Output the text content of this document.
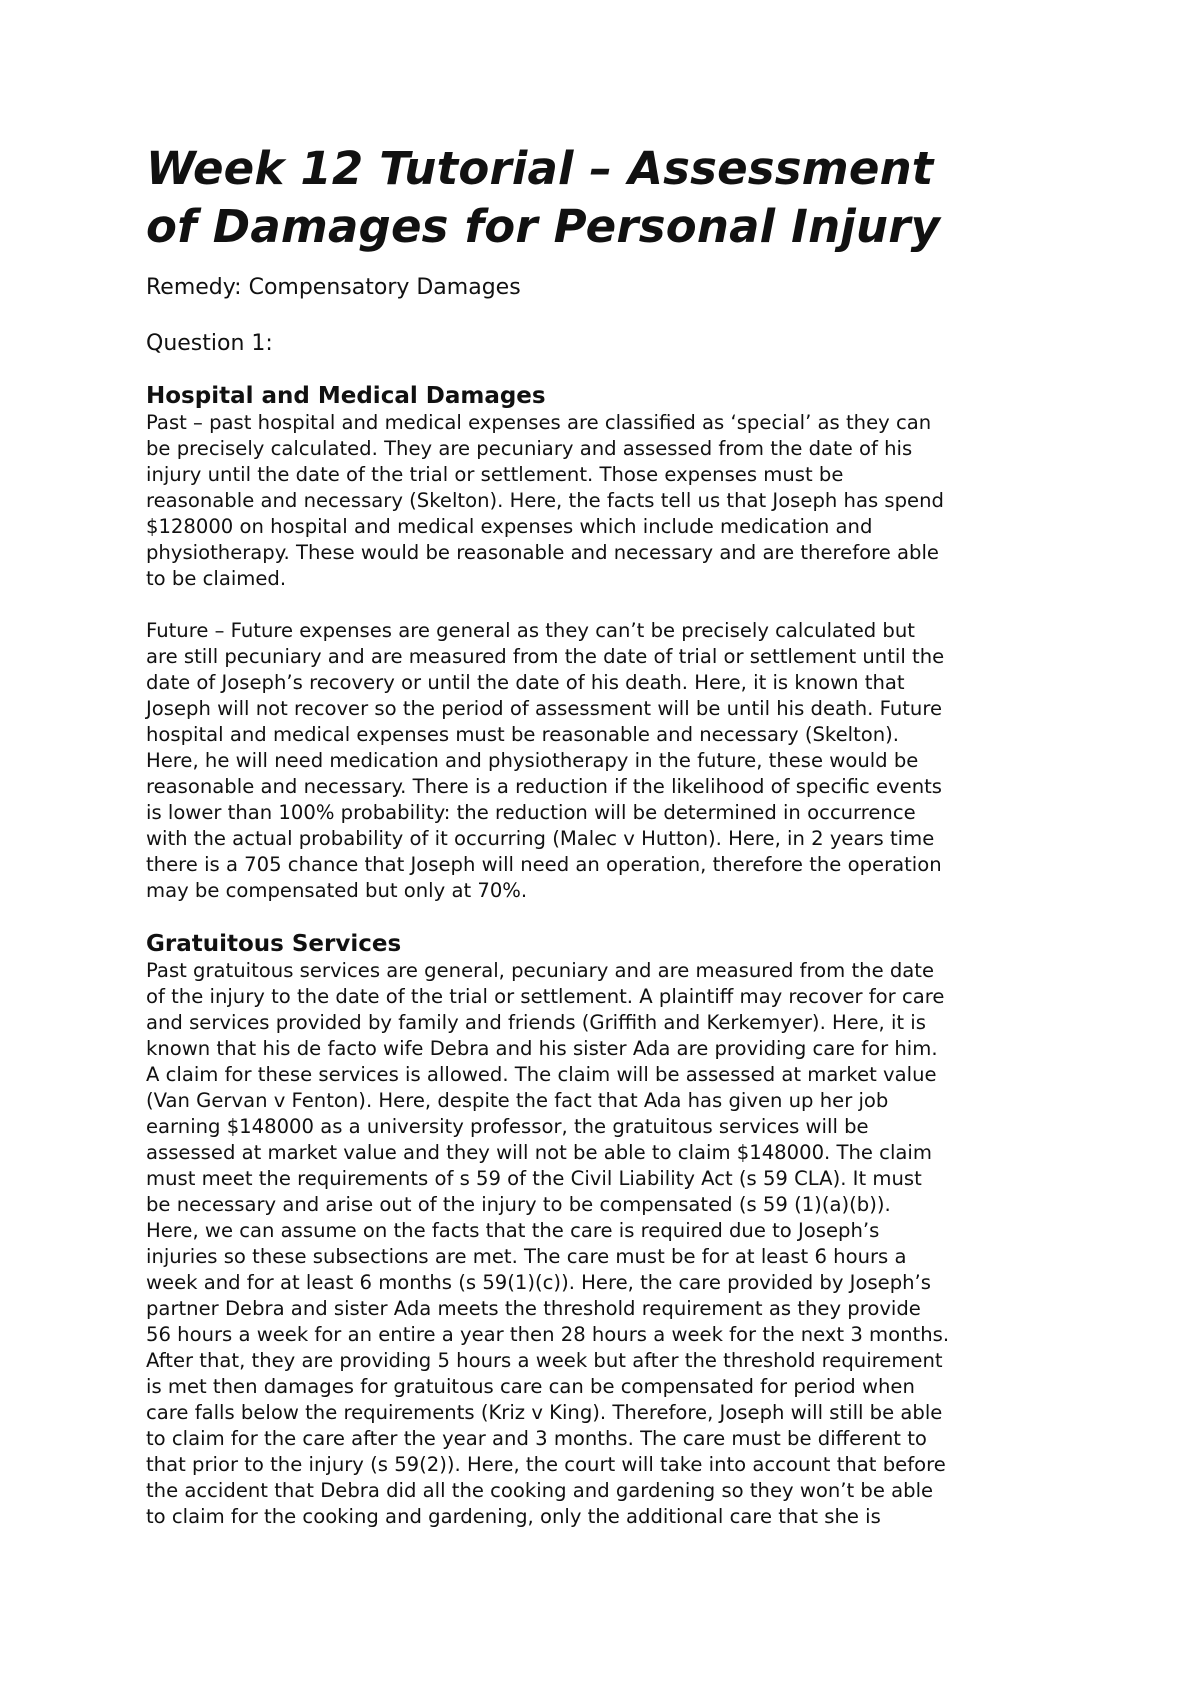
Week 12 Tutorial – Assessment
of Damages for Personal Injury

Remedy: Compensatory Damages

Question 1:

Hospital and Medical Damages

Past – past hospital and medical expenses are classified as ‘special’ as they can
be precisely calculated. They are pecuniary and assessed from the date of his
injury until the date of the trial or settlement. Those expenses must be
reasonable and necessary (Skelton). Here, the facts tell us that Joseph has spend
$128000 on hospital and medical expenses which include medication and
physiotherapy. These would be reasonable and necessary and are therefore able
to be claimed.

Future – Future expenses are general as they can’t be precisely calculated but
are still pecuniary and are measured from the date of trial or settlement until the
date of Joseph’s recovery or until the date of his death. Here, it is known that
Joseph will not recover so the period of assessment will be until his death. Future
hospital and medical expenses must be reasonable and necessary (Skelton).
Here, he will need medication and physiotherapy in the future, these would be
reasonable and necessary. There is a reduction if the likelihood of specific events
is lower than 100% probability: the reduction will be determined in occurrence
with the actual probability of it occurring (Malec v Hutton). Here, in 2 years time
there is a 705 chance that Joseph will need an operation, therefore the operation
may be compensated but only at 70%.

Gratuitous Services

Past gratuitous services are general, pecuniary and are measured from the date
of the injury to the date of the trial or settlement. A plaintiff may recover for care
and services provided by family and friends (Griffith and Kerkemyer). Here, it is
known that his de facto wife Debra and his sister Ada are providing care for him.
A claim for these services is allowed. The claim will be assessed at market value
(Van Gervan v Fenton). Here, despite the fact that Ada has given up her job
earning $148000 as a university professor, the gratuitous services will be
assessed at market value and they will not be able to claim $148000. The claim
must meet the requirements of s 59 of the Civil Liability Act (s 59 CLA). It must
be necessary and arise out of the injury to be compensated (s 59 (1)(a)(b)).
Here, we can assume on the facts that the care is required due to Joseph’s
injuries so these subsections are met. The care must be for at least 6 hours a
week and for at least 6 months (s 59(1)(c)). Here, the care provided by Joseph’s
partner Debra and sister Ada meets the threshold requirement as they provide
56 hours a week for an entire a year then 28 hours a week for the next 3 months.
After that, they are providing 5 hours a week but after the threshold requirement
is met then damages for gratuitous care can be compensated for period when
care falls below the requirements (Kriz v King). Therefore, Joseph will still be able
to claim for the care after the year and 3 months. The care must be different to
that prior to the injury (s 59(2)). Here, the court will take into account that before
the accident that Debra did all the cooking and gardening so they won’t be able
to claim for the cooking and gardening, only the additional care that she is
